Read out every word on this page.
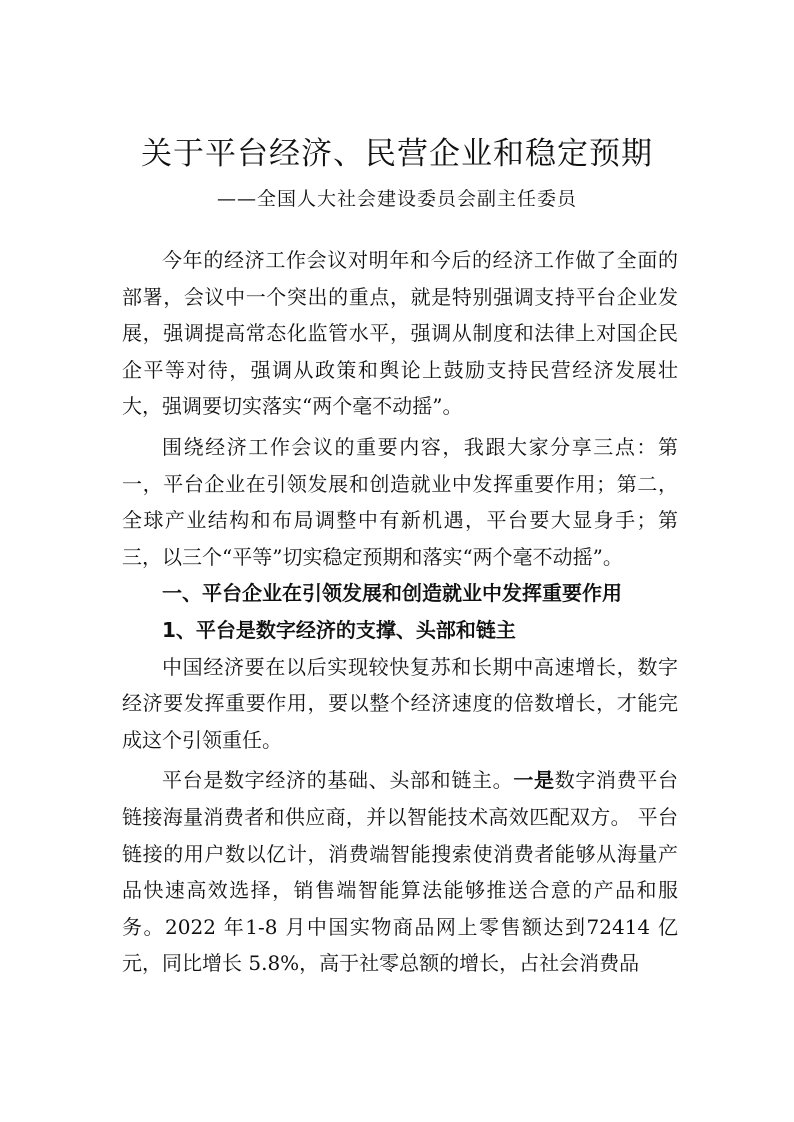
关于平台经济、民营企业和稳定预期
——全国人大社会建设委员会副主任委员

今年的经济工作会议对明年和今后的经济工作做了全面的部署，会议中一个突出的重点，就是特别强调支持平台企业发展，强调提高常态化监管水平，强调从制度和法律上对国企民企平等对待，强调从政策和舆论上鼓励支持民营经济发展壮大，强调要切实落实“两个毫不动摇”。

围绕经济工作会议的重要内容，我跟大家分享三点：第一，平台企业在引领发展和创造就业中发挥重要作用；第二，全球产业结构和布局调整中有新机遇，平台要大显身手；第三，以三个“平等”切实稳定预期和落实“两个毫不动摇”。

一、平台企业在引领发展和创造就业中发挥重要作用
1、平台是数字经济的支撑、头部和链主

中国经济要在以后实现较快复苏和长期中高速增长，数字经济要发挥重要作用，要以整个经济速度的倍数增长，才能完成这个引领重任。

平台是数字经济的基础、头部和链主。一是数字消费平台链接海量消费者和供应商，并以智能技术高效匹配双方。 平台链接的用户数以亿计，消费端智能搜索使消费者能够从海量产品快速高效选择，销售端智能算法能够推送合意的产品和服务。2022 年1-8 月中国实物商品网上零售额达到72414 亿元，同比增长 5.8%，高于社零总额的增长，占社会消费品
